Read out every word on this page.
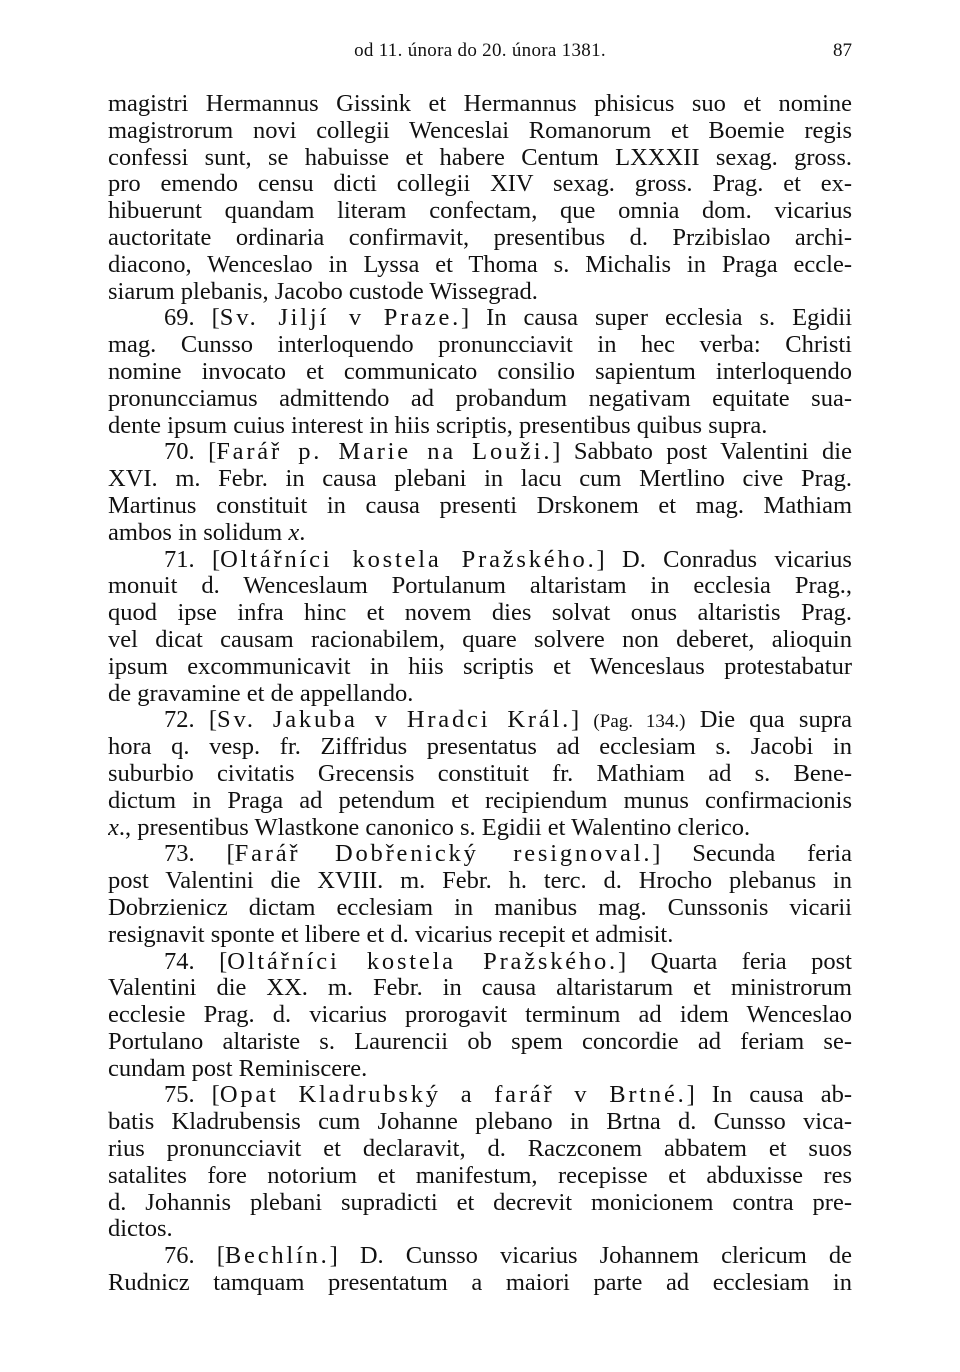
od 11. února do 20. února 1381.	87
magistri Hermannus Gissink et Hermannus phisicus suo et nomine
magistrorum novi collegii Wenceslai Romanorum et Boemie regis
confessi sunt, se habuisse et habere Centum LXXXII sexag. gross.
pro emendo censu dicti collegii XIV sexag. gross. Prag. et ex-
hibuerunt quandam literam confectam, que omnia dom. vicarius
auctoritate ordinaria confirmavit, presentibus d. Przibislao archi-
diacono, Wenceslao in Lyssa et Thoma s. Michalis in Praga eccle-
siarum plebanis, Jacobo custode Wissegrad.
69. [Sv. Jiljí v Praze.] In causa super ecclesia s. Egidii
mag. Cunsso interloquendo pronuncciavit in hec verba: Christi
nomine invocato et communicato consilio sapientum interloquendo
pronuncciamus admittendo ad probandum negativam equitate sua-
dente ipsum cuius interest in hiis scriptis, presentibus quibus supra.
70. [Farář p. Marie na Louži.] Sabbato post Valentini die
XVI. m. Febr. in causa plebani in lacu cum Mertlino cive Prag.
Martinus constituit in causa presenti Drskonem et mag. Mathiam
ambos in solidum x.
71. [Oltářníci kostela Pražského.] D. Conradus vicarius
monuit d. Wenceslaum Portulanum altaristam in ecclesia Prag.,
quod ipse infra hinc et novem dies solvat onus altaristis Prag.
vel dicat causam racionabilem, quare solvere non deberet, alioquin
ipsum excommunicavit in hiis scriptis et Wenceslaus protestabatur
de gravamine et de appellando.
72. [Sv. Jakuba v Hradci Král.] (Pag. 134.) Die qua supra
hora q. vesp. fr. Ziffridus presentatus ad ecclesiam s. Jacobi in
suburbio civitatis Grecensis constituit fr. Mathiam ad s. Bene-
dictum in Praga ad petendum et recipiendum munus confirmacionis
x., presentibus Wlastkone canonico s. Egidii et Walentino clerico.
73. [Farář Dobřenický resignoval.] Secunda feria
post Valentini die XVIII. m. Febr. h. terc. d. Hrocho plebanus in
Dobrzienicz dictam ecclesiam in manibus mag. Cunssonis vicarii
resignavit sponte et libere et d. vicarius recepit et admisit.
74. [Oltářníci kostela Pražského.] Quarta feria post
Valentini die XX. m. Febr. in causa altaristarum et ministrorum
ecclesie Prag. d. vicarius prorogavit terminum ad idem Wenceslao
Portulano altariste s. Laurencii ob spem concordie ad feriam se-
cundam post Reminiscere.
75. [Opat Kladrubský a farář v Brtné.] In causa ab-
batis Kladrubensis cum Johanne plebano in Brtna d. Cunsso vica-
rius pronuncciavit et declaravit, d. Raczconem abbatem et suos
satalites fore notorium et manifestum, recepisse et abduxisse res
d. Johannis plebani supradicti et decrevit monicionem contra pre-
dictos.
76. [Bechlín.] D. Cunsso vicarius Johannem clericum de
Rudnicz tamquam presentatum a maiori parte ad ecclesiam in
